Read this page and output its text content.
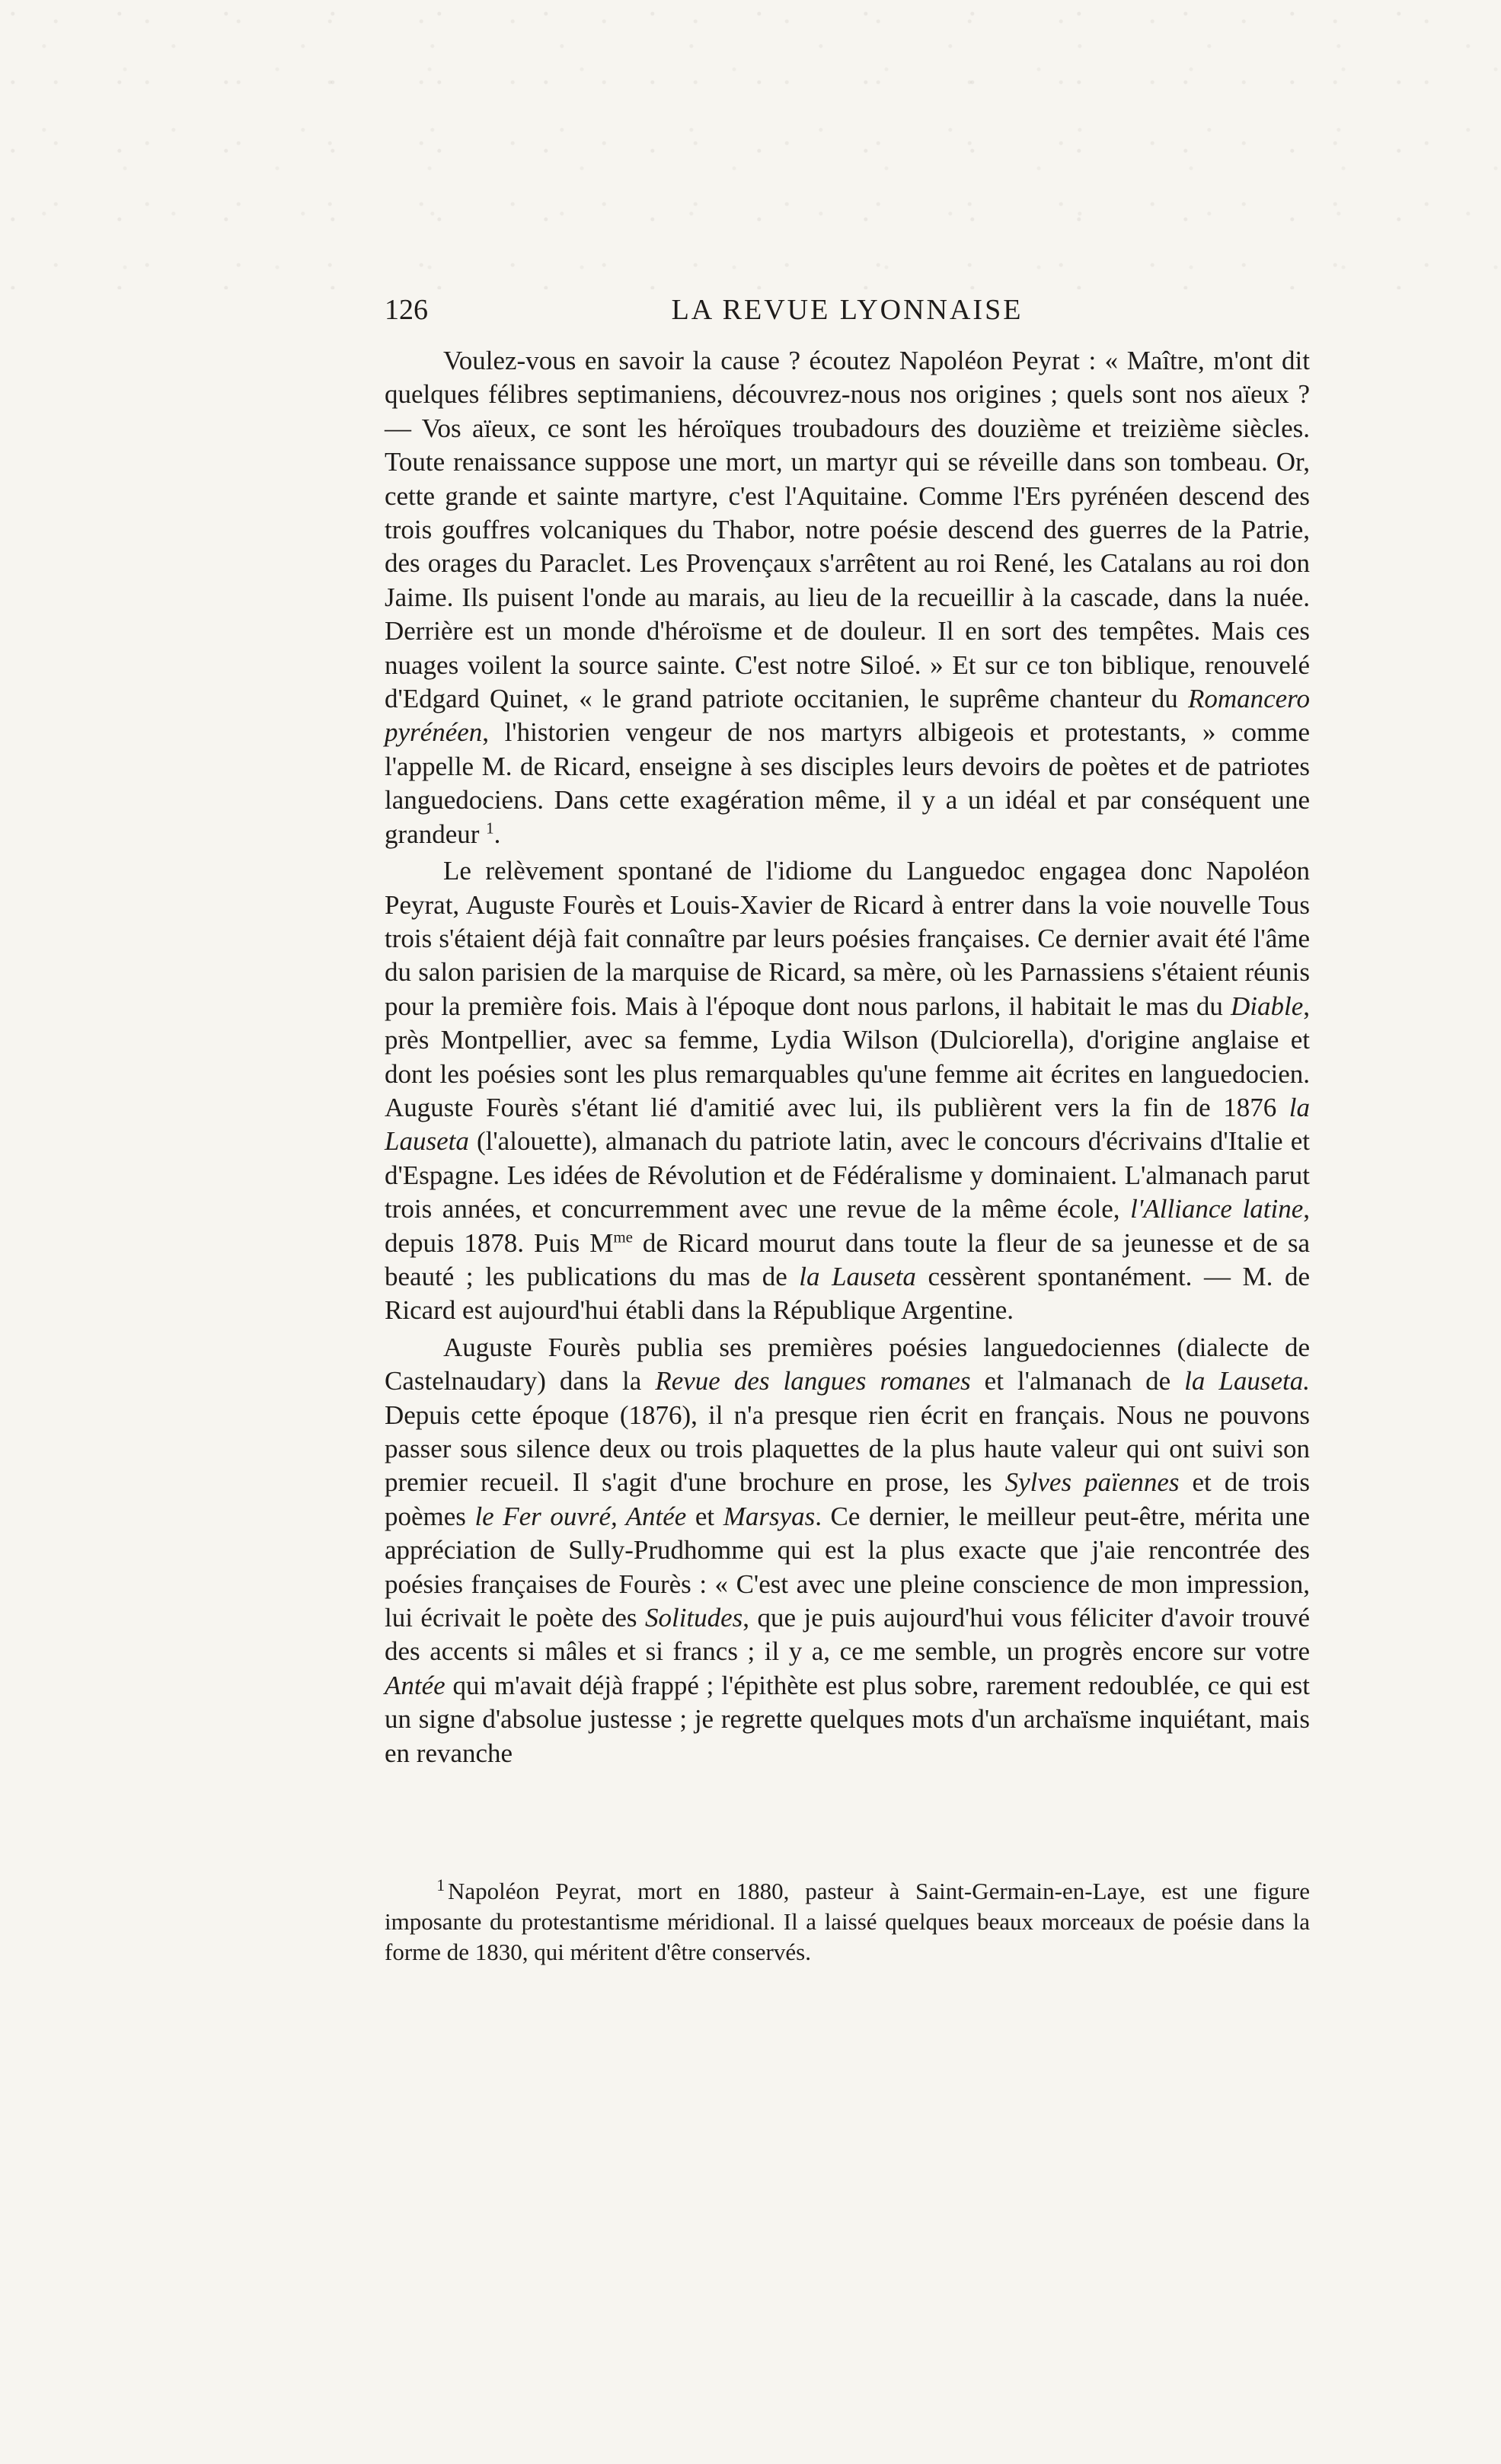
126	LA REVUE LYONNAISE

Voulez-vous en savoir la cause ? écoutez Napoléon Peyrat : « Maître, m'ont dit quelques félibres septimaniens, découvrez-nous nos origines ; quels sont nos aïeux ? — Vos aïeux, ce sont les héroïques troubadours des douzième et treizième siècles. Toute renaissance suppose une mort, un martyr qui se réveille dans son tombeau. Or, cette grande et sainte martyre, c'est l'Aquitaine. Comme l'Ers pyrénéen descend des trois gouffres volcaniques du Thabor, notre poésie descend des guerres de la Patrie, des orages du Paraclet. Les Provençaux s'arrêtent au roi René, les Catalans au roi don Jaime. Ils puisent l'onde au marais, au lieu de la recueillir à la cascade, dans la nuée. Derrière est un monde d'héroïsme et de douleur. Il en sort des tempêtes. Mais ces nuages voilent la source sainte. C'est notre Siloé. » Et sur ce ton biblique, renouvelé d'Edgard Quinet, « le grand patriote occitanien, le suprême chanteur du Romancero pyrénéen, l'historien vengeur de nos martyrs albigeois et protestants, » comme l'appelle M. de Ricard, enseigne à ses disciples leurs devoirs de poètes et de patriotes languedociens. Dans cette exagération même, il y a un idéal et par conséquent une grandeur $^1$.

Le relèvement spontané de l'idiome du Languedoc engagea donc Napoléon Peyrat, Auguste Fourès et Louis-Xavier de Ricard à entrer dans la voie nouvelle Tous trois s'étaient déjà fait connaître par leurs poésies françaises. Ce dernier avait été l'âme du salon parisien de la marquise de Ricard, sa mère, où les Parnassiens s'étaient réunis pour la première fois. Mais à l'époque dont nous parlons, il habitait le mas du Diable, près Montpellier, avec sa femme, Lydia Wilson (Dulciorella), d'origine anglaise et dont les poésies sont les plus remarquables qu'une femme ait écrites en languedocien. Auguste Fourès s'étant lié d'amitié avec lui, ils publièrent vers la fin de 1876 la Lauseta (l'alouette), almanach du patriote latin, avec le concours d'écrivains d'Italie et d'Espagne. Les idées de Révolution et de Fédéralisme y dominaient. L'almanach parut trois années, et concurremment avec une revue de la même école, l'Alliance latine, depuis 1878. Puis $M^{me}$ de Ricard mourut dans toute la fleur de sa jeunesse et de sa beauté ; les publications du mas de la Lauseta cessèrent spontanément. — M. de Ricard est aujourd'hui établi dans la République Argentine.

Auguste Fourès publia ses premières poésies languedociennes (dialecte de Castelnaudary) dans la Revue des langues romanes et l'almanach de la Lauseta. Depuis cette époque (1876), il n'a presque rien écrit en français. Nous ne pouvons passer sous silence deux ou trois plaquettes de la plus haute valeur qui ont suivi son premier recueil. Il s'agit d'une brochure en prose, les Sylves païennes et de trois poèmes le Fer ouvré, Antée et Marsyas. Ce dernier, le meilleur peut-être, mérita une appréciation de Sully-Prudhomme qui est la plus exacte que j'aie rencontrée des poésies françaises de Fourès : « C'est avec une pleine conscience de mon impression, lui écrivait le poète des Solitudes, que je puis aujourd'hui vous féliciter d'avoir trouvé des accents si mâles et si francs ; il y a, ce me semble, un progrès encore sur votre Antée qui m'avait déjà frappé ; l'épithète est plus sobre, rarement redoublée, ce qui est un signe d'absolue justesse ; je regrette quelques mots d'un archaïsme inquiétant, mais en revanche

$^1$ Napoléon Peyrat, mort en 1880, pasteur à Saint-Germain-en-Laye, est une figure imposante du protestantisme méridional. Il a laissé quelques beaux morceaux de poésie dans la forme de 1830, qui méritent d'être conservés.
